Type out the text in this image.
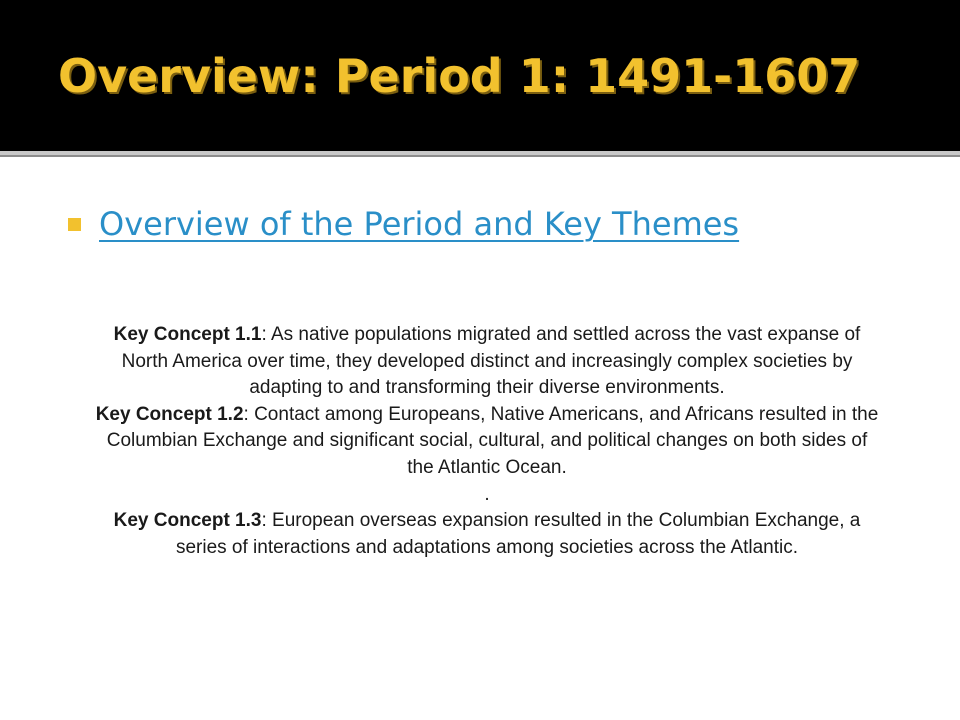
Overview: Period 1: 1491-1607
Overview of the Period and Key Themes

Key Concept 1.1: As native populations migrated and settled across the vast expanse of North America over time, they developed distinct and increasingly complex societies by adapting to and transforming their diverse environments.

Key Concept 1.2: Contact among Europeans, Native Americans, and Africans resulted in the Columbian Exchange and significant social, cultural, and political changes on both sides of the Atlantic Ocean.

.

Key Concept 1.3: European overseas expansion resulted in the Columbian Exchange, a series of interactions and adaptations among societies across the Atlantic.
